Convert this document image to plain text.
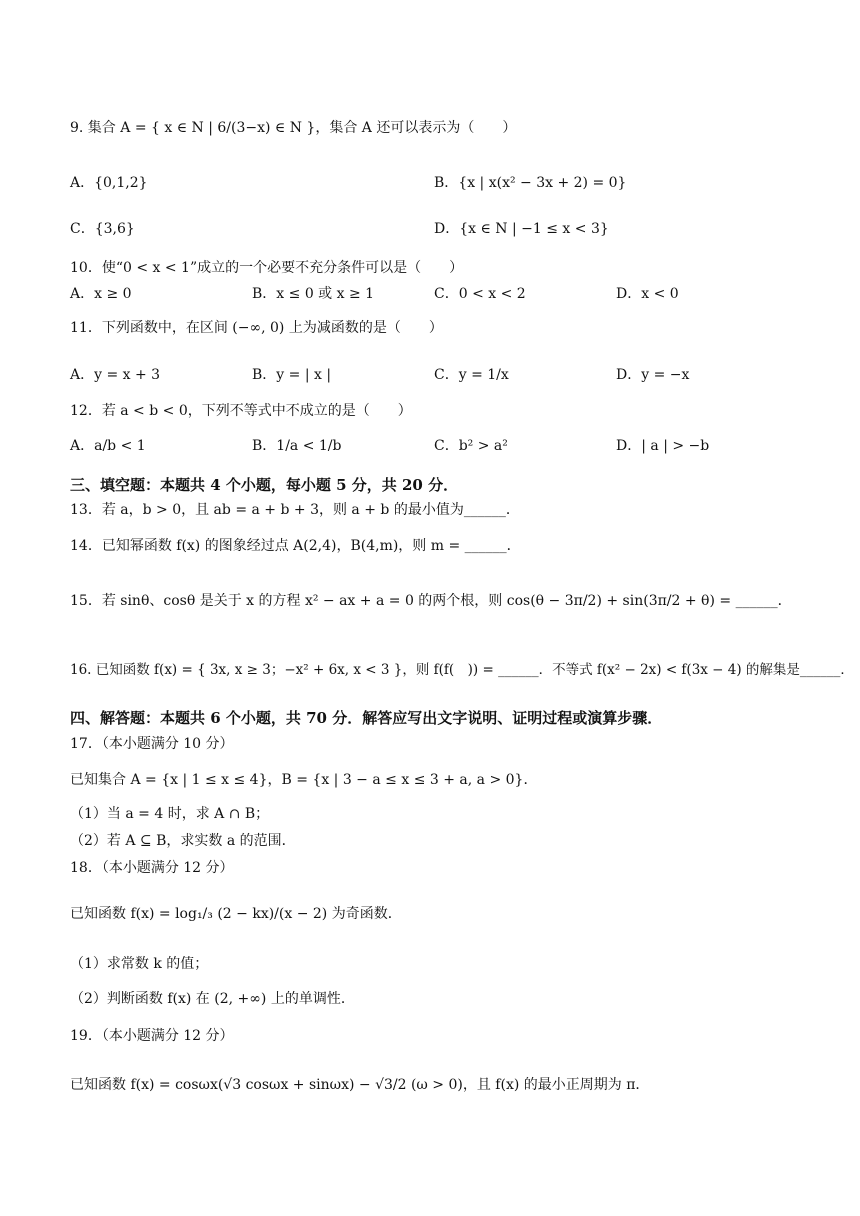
9. 集合 A = { x ∈ N | 6/(3−x) ∈ N }，集合 A 还可以表示为（　　）
A．{0,1,2}	B．{x | x(x² − 3x + 2) = 0}
C．{3,6}	D．{x ∈ N | −1 ≤ x < 3}
10．使“0 < x < 1”成立的一个必要不充分条件可以是（　　）
A．x ≥ 0	B．x ≤ 0 或 x ≥ 1	C．0 < x < 2	D．x < 0
11．下列函数中，在区间 (−∞, 0) 上为减函数的是（　　）
A．y = x + 3	B．y = | x |	C．y = 1/x	D．y = −x
12．若 a < b < 0，下列不等式中不成立的是（　　）
A．a/b < 1	B．1/a < 1/b	C．b² > a²	D．| a | > −b
三、填空题：本题共 4 个小题，每小题 5 分，共 20 分．
13．若 a，b > 0，且 ab = a + b + 3，则 a + b 的最小值为______．
14．已知幂函数 f(x) 的图象经过点 A(2,4)，B(4,m)，则 m = ______．
15．若 sinθ、cosθ 是关于 x 的方程 x² − ax + a = 0 的两个根，则 cos(θ − 3π/2) + sin(3π/2 + θ) = ______．
16. 已知函数 f(x) = { 3x, x ≥ 3；−x² + 6x, x < 3 }，则 f(f(　)) = ______．不等式 f(x² − 2x) < f(3x − 4) 的解集是______．
四、解答题：本题共 6 个小题，共 70 分．解答应写出文字说明、证明过程或演算步骤．
17．（本小题满分 10 分）
已知集合 A = {x | 1 ≤ x ≤ 4}，B = {x | 3 − a ≤ x ≤ 3 + a, a > 0}．
（1）当 a = 4 时，求 A ∩ B；
（2）若 A ⊆ B，求实数 a 的范围．
18．（本小题满分 12 分）
已知函数 f(x) = log₁/₃ (2 − kx)/(x − 2) 为奇函数．
（1）求常数 k 的值；
（2）判断函数 f(x) 在 (2, +∞) 上的单调性．
19．（本小题满分 12 分）
已知函数 f(x) = cosωx(√3 cosωx + sinωx) − √3/2 (ω > 0)，且 f(x) 的最小正周期为 π．
